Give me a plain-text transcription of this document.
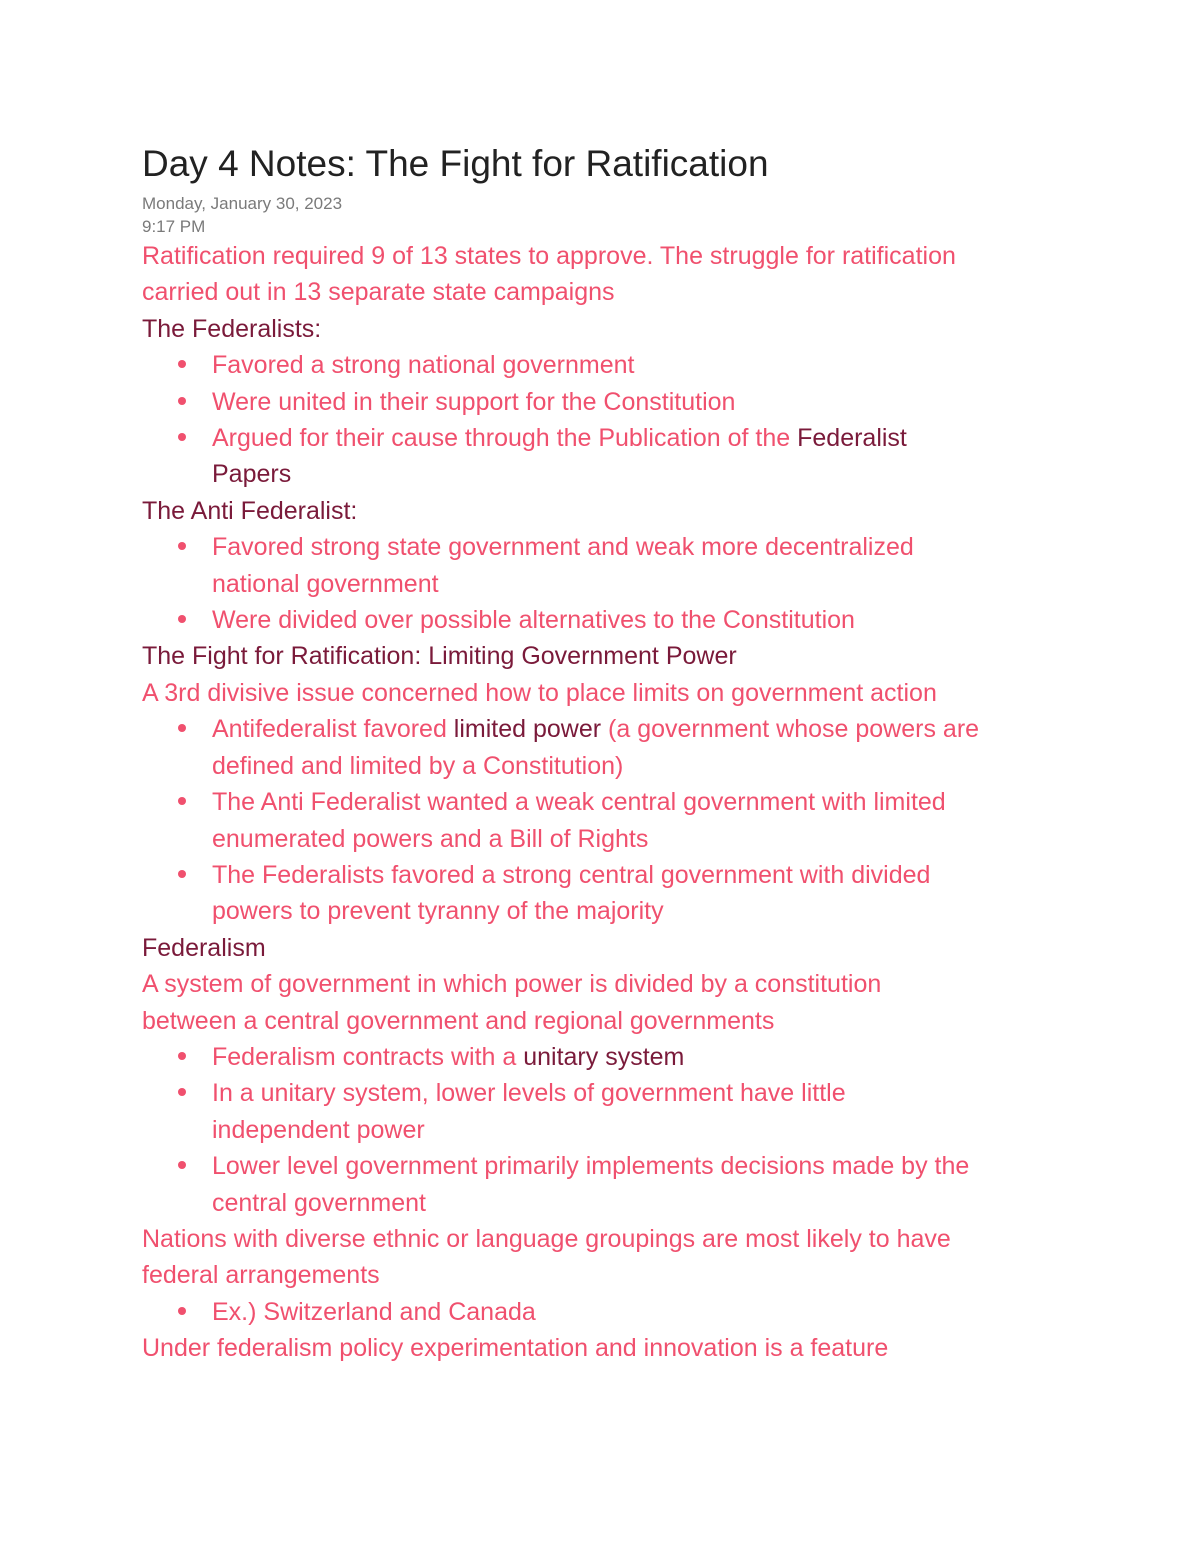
Day 4 Notes: The Fight for Ratification
Monday, January 30, 2023
9:17 PM
Ratification required 9 of 13 states to approve. The struggle for ratification
carried out in 13 separate state campaigns
The Federalists:
Favored a strong national government
Were united in their support for the Constitution
Argued for their cause through the Publication of the Federalist
Papers
The Anti Federalist:
Favored strong state government and weak more decentralized
national government
Were divided over possible alternatives to the Constitution
The Fight for Ratification: Limiting Government Power
A 3rd divisive issue concerned how to place limits on government action
Antifederalist favored limited power (a government whose powers are
defined and limited by a Constitution)
The Anti Federalist wanted a weak central government with limited
enumerated powers and a Bill of Rights
The Federalists favored a strong central government with divided
powers to prevent tyranny of the majority
Federalism
A system of government in which power is divided by a constitution
between a central government and regional governments
Federalism contracts with a unitary system
In a unitary system, lower levels of government have little
independent power
Lower level government primarily implements decisions made by the
central government
Nations with diverse ethnic or language groupings are most likely to have
federal arrangements
Ex.) Switzerland and Canada
Under federalism policy experimentation and innovation is a feature
